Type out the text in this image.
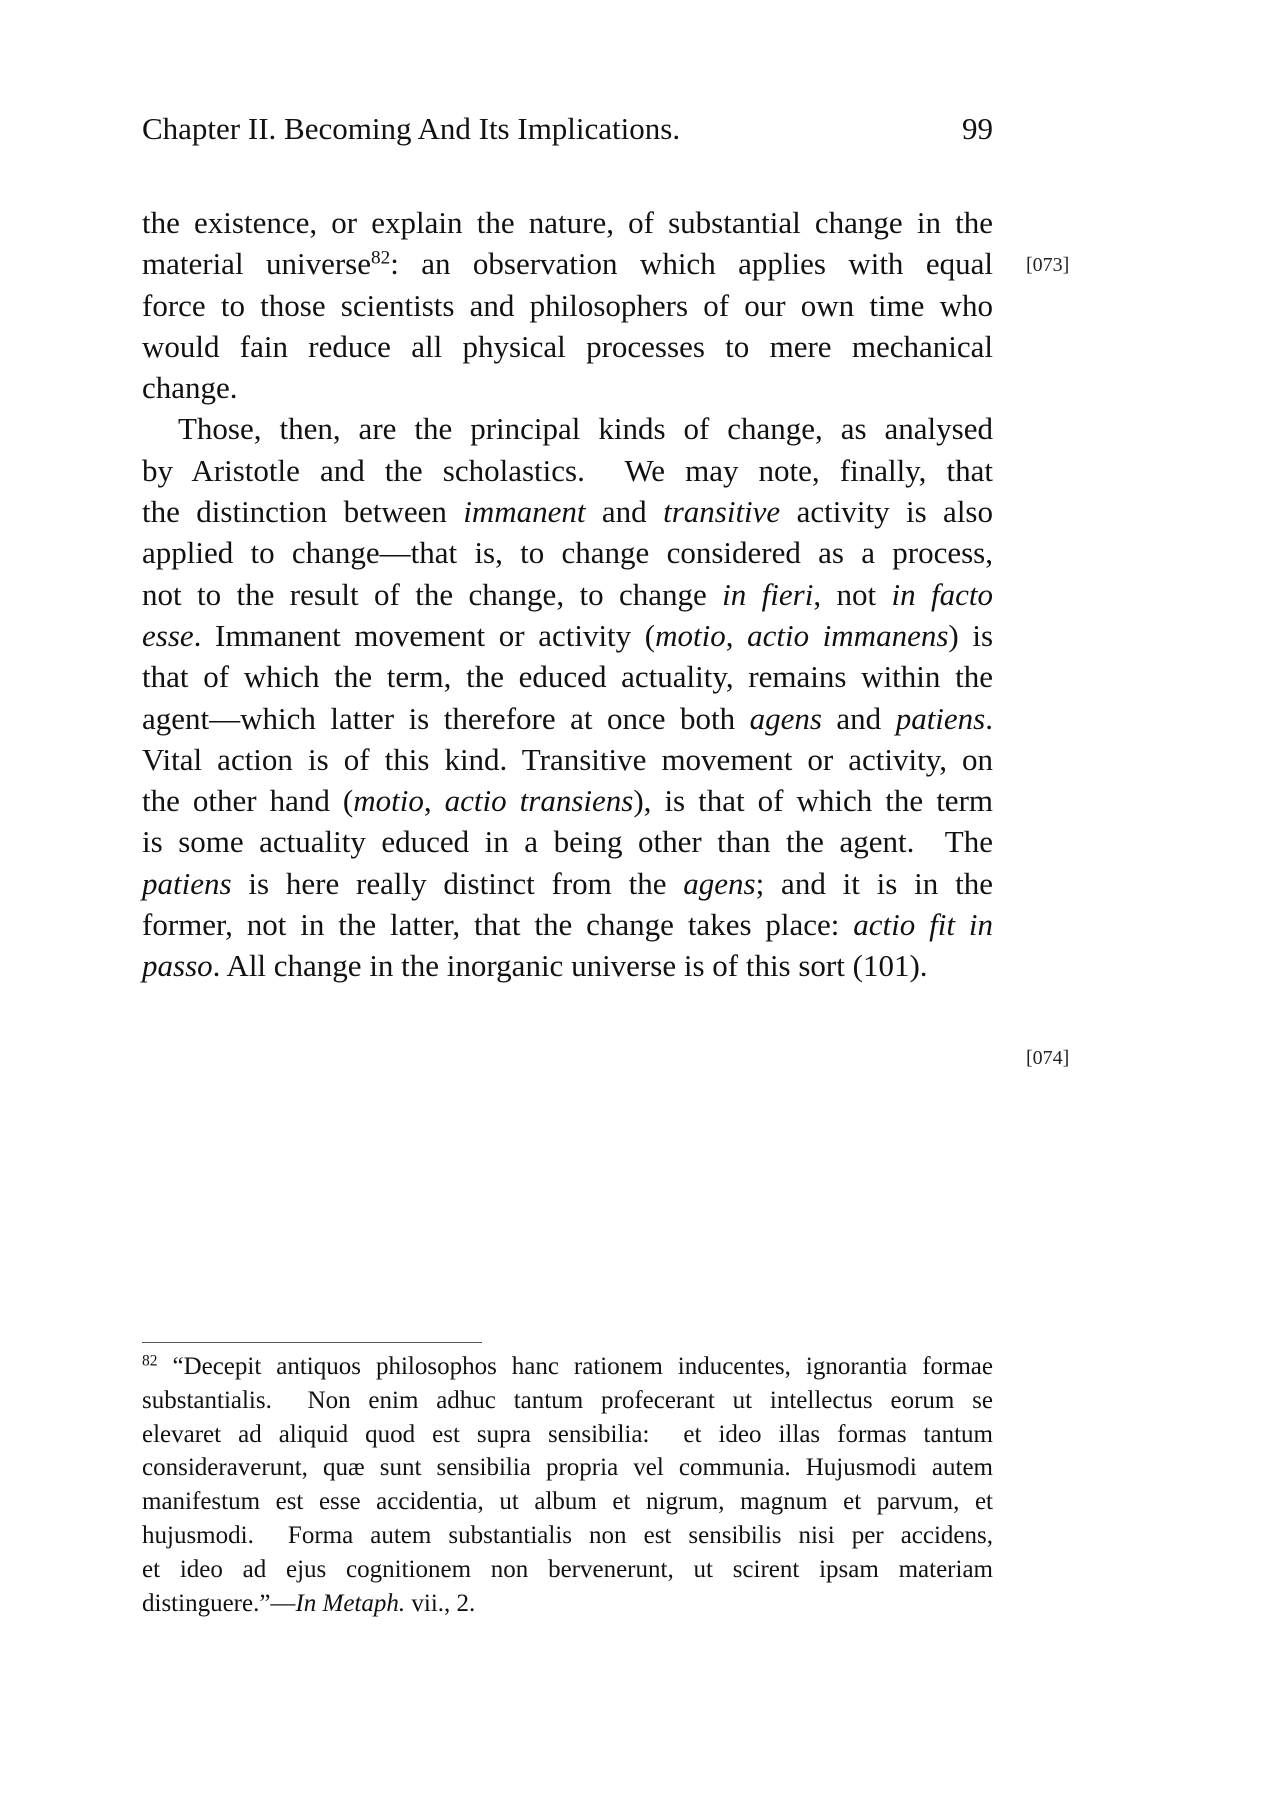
Chapter II. Becoming And Its Implications.	99
the existence, or explain the nature, of substantial change in the
material universe$^{82}$: an observation which applies with equal
force to those scientists and philosophers of our own time who
would fain reduce all physical processes to mere mechanical
change.
Those, then, are the principal kinds of change, as analysed
by Aristotle and the scholastics.  We may note, finally, that
the distinction between immanent and transitive activity is also
applied to change—that is, to change considered as a process,
not to the result of the change, to change in fieri, not in facto
esse. Immanent movement or activity (motio, actio immanens) is
that of which the term, the educed actuality, remains within the
agent—which latter is therefore at once both agens and patiens.
Vital action is of this kind. Transitive movement or activity, on
the other hand (motio, actio transiens), is that of which the term
is some actuality educed in a being other than the agent.  The
patiens is here really distinct from the agens; and it is in the
former, not in the latter, that the change takes place: actio fit in
passo. All change in the inorganic universe is of this sort (101).
[073]
[074]
$^{82}$ “Decepit antiquos philosophos hanc rationem inducentes, ignorantia formae
substantialis.  Non enim adhuc tantum profecerant ut intellectus eorum se
elevaret ad aliquid quod est supra sensibilia:  et ideo illas formas tantum
consideraverunt, quæ sunt sensibilia propria vel communia. Hujusmodi autem
manifestum est esse accidentia, ut album et nigrum, magnum et parvum, et
hujusmodi.  Forma autem substantialis non est sensibilis nisi per accidens,
et ideo ad ejus cognitionem non bervenerunt, ut scirent ipsam materiam
distinguere.”—In Metaph. vii., 2.
